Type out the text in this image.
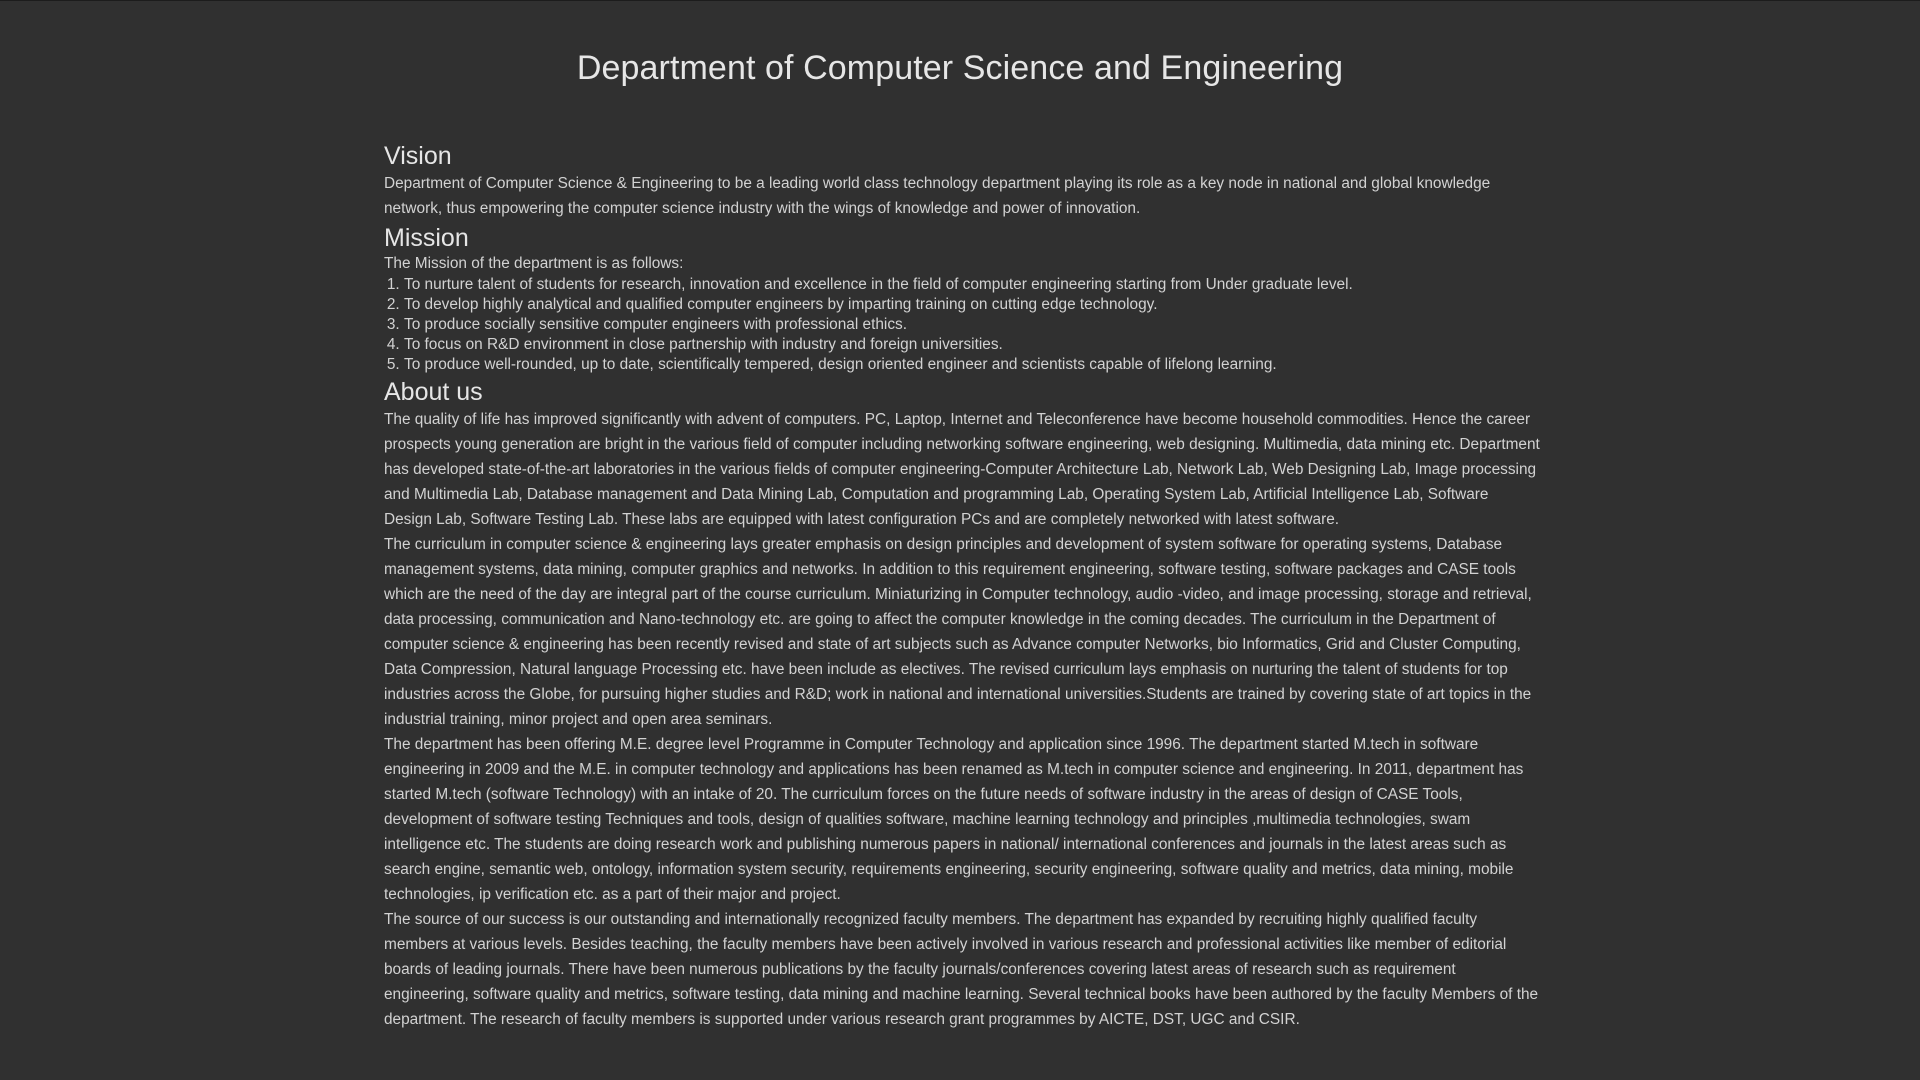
Department of Computer Science and Engineering
Vision

Department of Computer Science & Engineering to be a leading world class technology department playing its role as a key node in national and global knowledge network, thus empowering the computer science industry with the wings of knowledge and power of innovation.

Mission

The Mission of the department is as follows:

1. To nurture talent of students for research, innovation and excellence in the field of computer engineering starting from Under graduate level.
2. To develop highly analytical and qualified computer engineers by imparting training on cutting edge technology.
3. To produce socially sensitive computer engineers with professional ethics.
4. To focus on R&D environment in close partnership with industry and foreign universities.
5. To produce well-rounded, up to date, scientifically tempered, design oriented engineer and scientists capable of lifelong learning.
About us

The quality of life has improved significantly with advent of computers. PC, Laptop, Internet and Teleconference have become household commodities. Hence the career prospects young generation are bright in the various field of computer including networking software engineering, web designing. Multimedia, data mining etc. Department has developed state-of-the-art laboratories in the various fields of computer engineering-Computer Architecture Lab, Network Lab, Web Designing Lab, Image processing and Multimedia Lab, Database management and Data Mining Lab, Computation and programming Lab, Operating System Lab, Artificial Intelligence Lab, Software Design Lab, Software Testing Lab. These labs are equipped with latest configuration PCs and are completely networked with latest software.

The curriculum in computer science & engineering lays greater emphasis on design principles and development of system software for operating systems, Database management systems, data mining, computer graphics and networks. In addition to this requirement engineering, software testing, software packages and CASE tools which are the need of the day are integral part of the course curriculum. Miniaturizing in Computer technology, audio -video, and image processing, storage and retrieval, data processing, communication and Nano-technology etc. are going to affect the computer knowledge in the coming decades. The curriculum in the Department of computer science & engineering has been recently revised and state of art subjects such as Advance computer Networks, bio Informatics, Grid and Cluster Computing, Data Compression, Natural language Processing etc. have been include as electives. The revised curriculum lays emphasis on nurturing the talent of students for top industries across the Globe, for pursuing higher studies and R&D; work in national and international universities.Students are trained by covering state of art topics in the industrial training, minor project and open area seminars.

The department has been offering M.E. degree level Programme in Computer Technology and application since 1996. The department started M.tech in software engineering in 2009 and the M.E. in computer technology and applications has been renamed as M.tech in computer science and engineering. In 2011, department has started M.tech (software Technology) with an intake of 20. The curriculum forces on the future needs of software industry in the areas of design of CASE Tools, development of software testing Techniques and tools, design of qualities software, machine learning technology and principles ,multimedia technologies, swam intelligence etc. The students are doing research work and publishing numerous papers in national/ international conferences and journals in the latest areas such as search engine, semantic web, ontology, information system security, requirements engineering, security engineering, software quality and metrics, data mining, mobile technologies, ip verification etc. as a part of their major and project.

The source of our success is our outstanding and internationally recognized faculty members. The department has expanded by recruiting highly qualified faculty members at various levels. Besides teaching, the faculty members have been actively involved in various research and professional activities like member of editorial boards of leading journals. There have been numerous publications by the faculty journals/conferences covering latest areas of research such as requirement engineering, software quality and metrics, software testing, data mining and machine learning. Several technical books have been authored by the faculty Members of the department. The research of faculty members is supported under various research grant programmes by AICTE, DST, UGC and CSIR.
